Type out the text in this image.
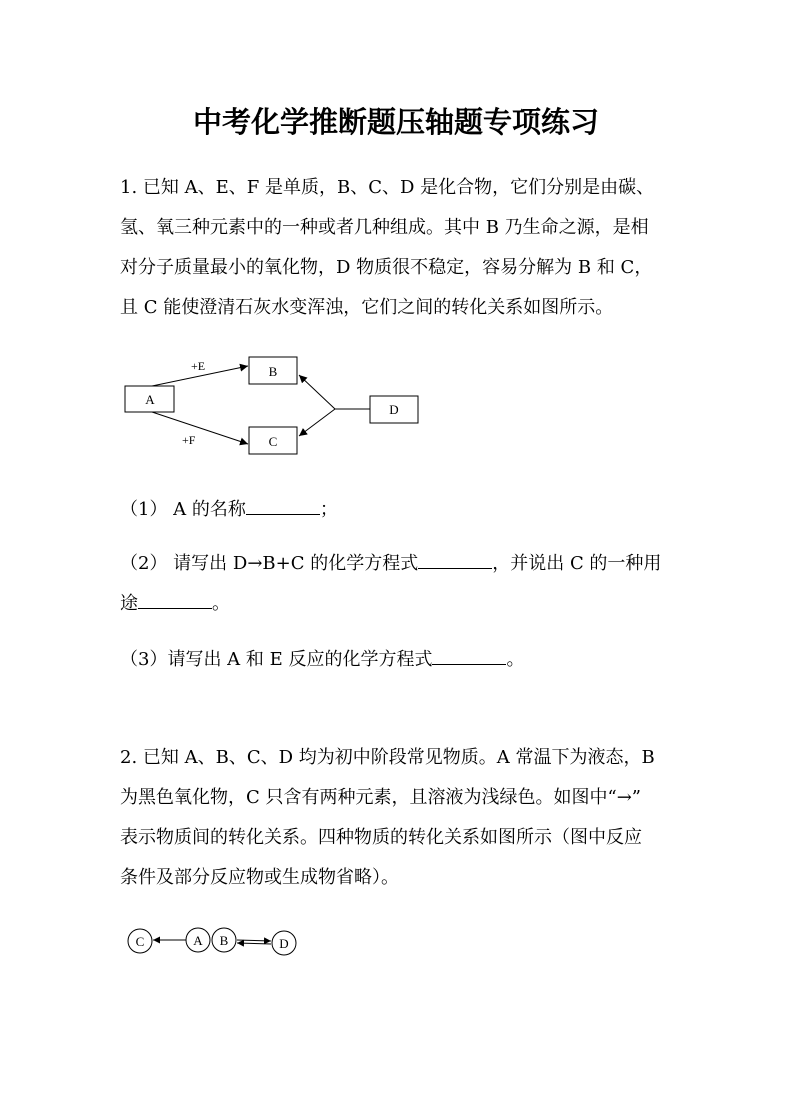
中考化学推断题压轴题专项练习
1. 已知 A、E、F 是单质，B、C、D 是化合物，它们分别是由碳、
氢、氧三种元素中的一种或者几种组成。其中 B 乃生命之源，是相
对分子质量最小的氧化物，D 物质很不稳定，容易分解为 B 和 C，
且 C 能使澄清石灰水变浑浊，它们之间的转化关系如图所示。
A
B
C
D
+E
+F
（1） A 的名称	；
（2） 请写出 D→B+C 的化学方程式	，并说出 C 的一种用
途	。
（3）请写出 A 和 E 反应的化学方程式	。
2. 已知 A、B、C、D 均为初中阶段常见物质。A 常温下为液态，B
为黑色氧化物，C 只含有两种元素，且溶液为浅绿色。如图中“→”
表示物质间的转化关系。四种物质的转化关系如图所示（图中反应
条件及部分反应物或生成物省略）。
C	A B	D
